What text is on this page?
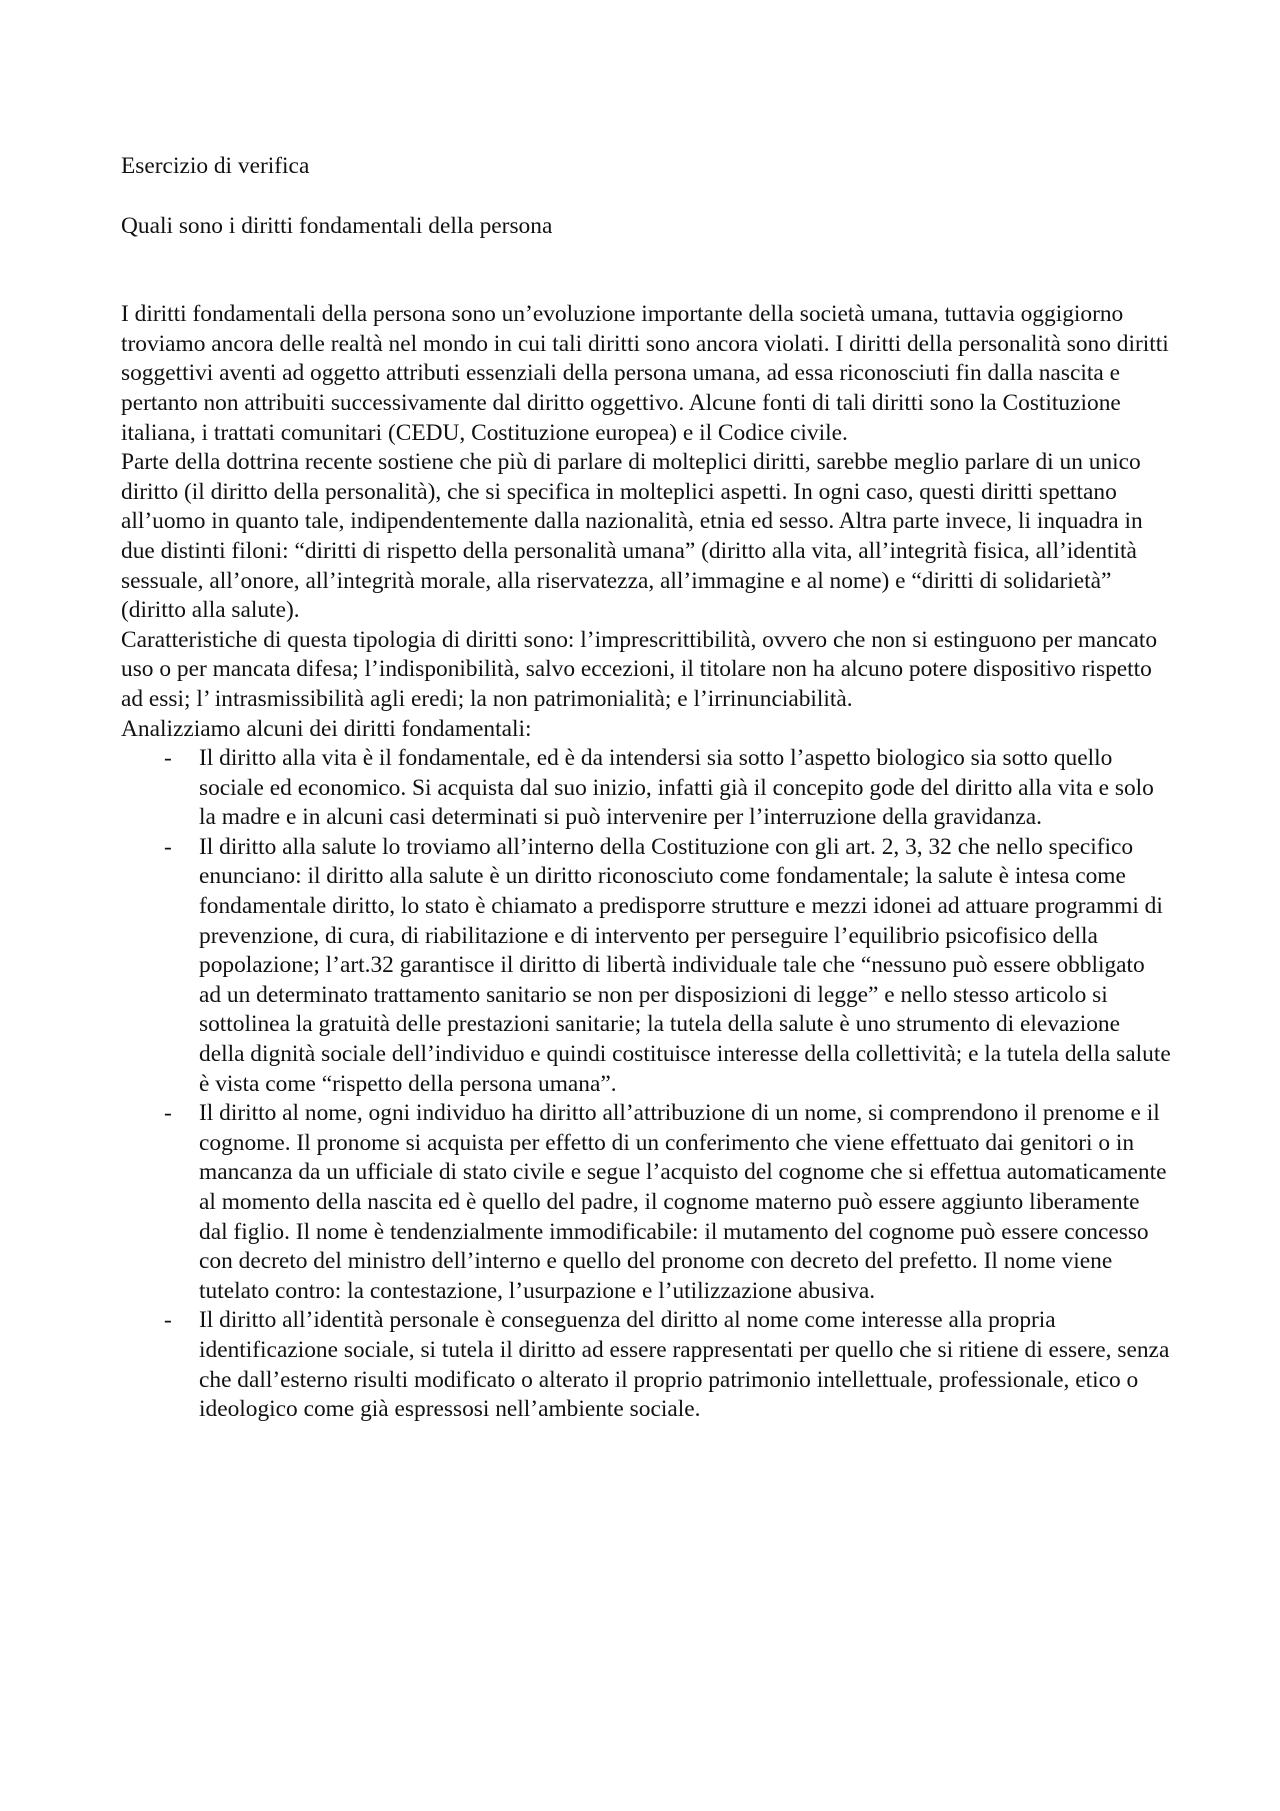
Esercizio di verifica

Quali sono i diritti fondamentali della persona

I diritti fondamentali della persona sono un’evoluzione importante della società umana, tuttavia oggigiorno troviamo ancora delle realtà nel mondo in cui tali diritti sono ancora violati. I diritti della personalità sono diritti soggettivi aventi ad oggetto attributi essenziali della persona umana, ad essa riconosciuti fin dalla nascita e pertanto non attribuiti successivamente dal diritto oggettivo. Alcune fonti di tali diritti sono la Costituzione italiana, i trattati comunitari (CEDU, Costituzione europea) e il Codice civile.

Parte della dottrina recente sostiene che più di parlare di molteplici diritti, sarebbe meglio parlare di un unico diritto (il diritto della personalità), che si specifica in molteplici aspetti. In ogni caso, questi diritti spettano all’uomo in quanto tale, indipendentemente dalla nazionalità, etnia ed sesso. Altra parte invece, li inquadra in due distinti filoni: “diritti di rispetto della personalità umana” (diritto alla vita, all’integrità fisica, all’identità sessuale, all’onore, all’integrità morale, alla riservatezza, all’immagine e al nome) e “diritti di solidarietà” (diritto alla salute).

Caratteristiche di questa tipologia di diritti sono: l’imprescrittibilità, ovvero che non si estinguono per mancato uso o per mancata difesa; l’indisponibilità, salvo eccezioni, il titolare non ha alcuno potere dispositivo rispetto ad essi; l’ intrasmissibilità agli eredi; la non patrimonialità; e l’irrinunciabilità.

Analizziamo alcuni dei diritti fondamentali:

- Il diritto alla vita è il fondamentale, ed è da intendersi sia sotto l’aspetto biologico sia sotto quello sociale ed economico. Si acquista dal suo inizio, infatti già il concepito gode del diritto alla vita e solo la madre e in alcuni casi determinati si può intervenire per l’interruzione della gravidanza.
- Il diritto alla salute lo troviamo all’interno della Costituzione con gli art. 2, 3, 32 che nello specifico enunciano: il diritto alla salute è un diritto riconosciuto come fondamentale; la salute è intesa come fondamentale diritto, lo stato è chiamato a predisporre strutture e mezzi idonei ad attuare programmi di prevenzione, di cura, di riabilitazione e di intervento per perseguire l’equilibrio psicofisico della popolazione; l’art.32 garantisce il diritto di libertà individuale tale che “nessuno può essere obbligato ad un determinato trattamento sanitario se non per disposizioni di legge” e nello stesso articolo si sottolinea la gratuità delle prestazioni sanitarie; la tutela della salute è uno strumento di elevazione della dignità sociale dell’individuo e quindi costituisce interesse della collettività; e la tutela della salute è vista come “rispetto della persona umana”.
- Il diritto al nome, ogni individuo ha diritto all’attribuzione di un nome, si comprendono il prenome e il cognome. Il pronome si acquista per effetto di un conferimento che viene effettuato dai genitori o in mancanza da un ufficiale di stato civile e segue l’acquisto del cognome che si effettua automaticamente al momento della nascita ed è quello del padre, il cognome materno può essere aggiunto liberamente dal figlio. Il nome è tendenzialmente immodificabile: il mutamento del cognome può essere concesso con decreto del ministro dell’interno e quello del pronome con decreto del prefetto. Il nome viene tutelato contro: la contestazione, l’usurpazione e l’utilizzazione abusiva.
- Il diritto all’identità personale è conseguenza del diritto al nome come interesse alla propria identificazione sociale, si tutela il diritto ad essere rappresentati per quello che si ritiene di essere, senza che dall’esterno risulti modificato o alterato il proprio patrimonio intellettuale, professionale, etico o ideologico come già espressosi nell’ambiente sociale.
